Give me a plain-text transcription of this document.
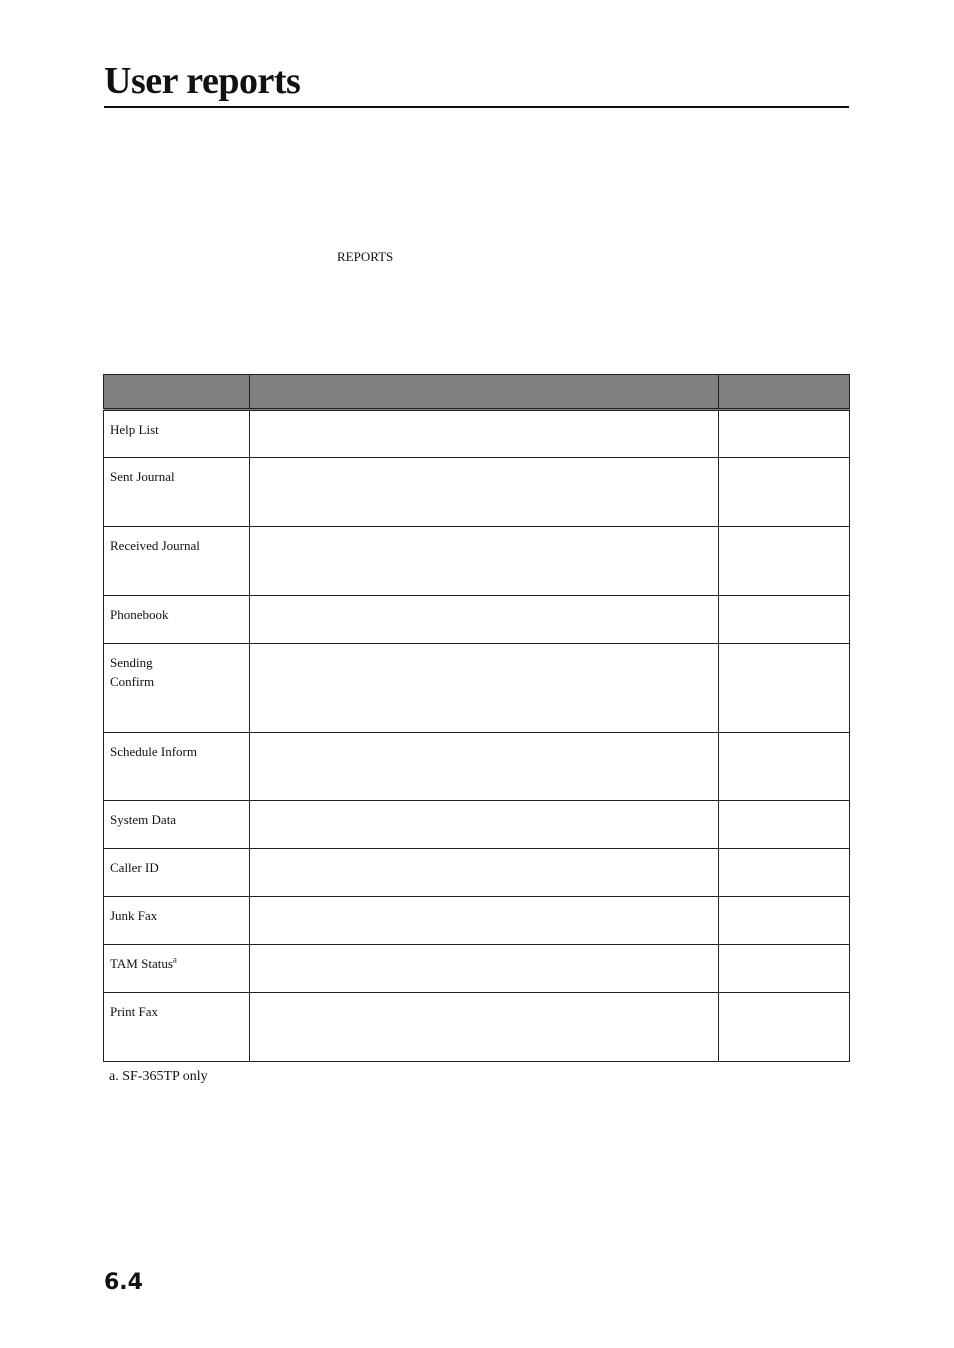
User reports
REPORTS

Help List		
Sent Journal		
Received Journal		
Phonebook		
Sending
Confirm		
Schedule Inform		
System Data		
Caller ID		
Junk Fax		
TAM Status$^a$		
Print Fax		
a. SF-365TP only
6.4
